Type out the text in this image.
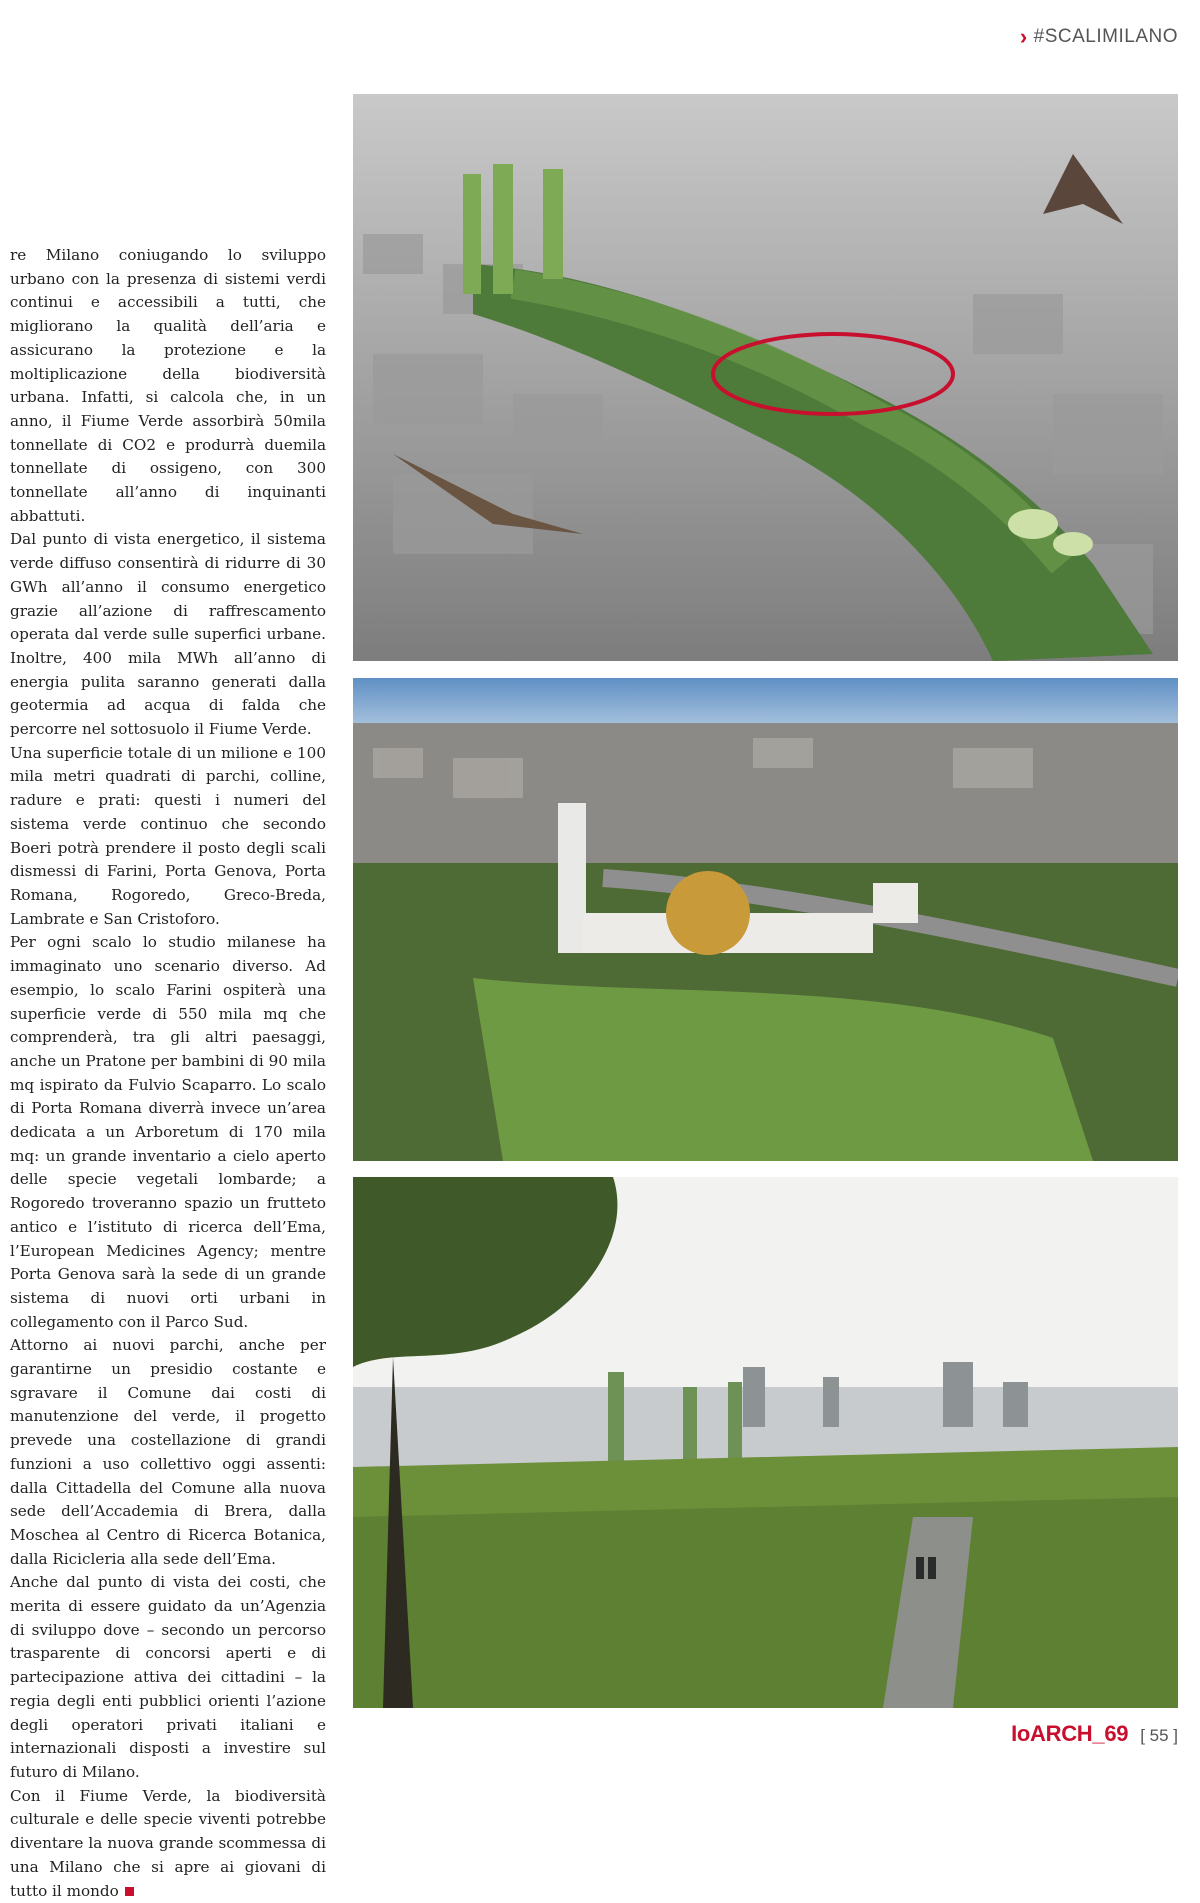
› #SCALIMILANO

re Milano coniugando lo sviluppo urbano con la presenza di sistemi verdi continui e accessibili a tutti, che migliorano la qualità dell’aria e assicurano la protezione e la moltiplicazione della biodiversità urbana. Infatti, si calcola che, in un anno, il Fiume Verde assorbirà 50mila tonnellate di CO2 e produrrà duemila tonnellate di ossigeno, con 300 tonnellate all’anno di inquinanti abbattuti.

Dal punto di vista energetico, il sistema verde diffuso consentirà di ridurre di 30 GWh all’anno il consumo energetico grazie all’azione di raffrescamento operata dal verde sulle superfici urbane. Inoltre, 400 mila MWh all’anno di energia pulita saranno generati dalla geotermia ad acqua di falda che percorre nel sottosuolo il Fiume Verde.

Una superficie totale di un milione e 100 mila metri quadrati di parchi, colline, radure e prati: questi i numeri del sistema verde continuo che secondo Boeri potrà prendere il posto degli scali dismessi di Farini, Porta Genova, Porta Romana, Rogoredo, Greco-Breda, Lambrate e San Cristoforo.

Per ogni scalo lo studio milanese ha immaginato uno scenario diverso. Ad esempio, lo scalo Farini ospiterà una superficie verde di 550 mila mq che comprenderà, tra gli altri paesaggi, anche un Pratone per bambini di 90 mila mq ispirato da Fulvio Scaparro. Lo scalo di Porta Romana diverrà invece un’area dedicata a un Arboretum di 170 mila mq: un grande inventario a cielo aperto delle specie vegetali lombarde; a Rogoredo troveranno spazio un frutteto antico e l’istituto di ricerca dell’Ema, l’European Medicines Agency; mentre Porta Genova sarà la sede di un grande sistema di nuovi orti urbani in collegamento con il Parco Sud.

Attorno ai nuovi parchi, anche per garantirne un presidio costante e sgravare il Comune dai costi di manutenzione del verde, il progetto prevede una costellazione di grandi funzioni a uso collettivo oggi assenti: dalla Cittadella del Comune alla nuova sede dell’Accademia di Brera, dalla Moschea al Centro di Ricerca Botanica, dalla Ricicleria alla sede dell’Ema.

Anche dal punto di vista dei costi, che merita di essere guidato da un’Agenzia di sviluppo dove – secondo un percorso trasparente di concorsi aperti e di partecipazione attiva dei cittadini – la regia degli enti pubblici orienti l’azione degli operatori privati italiani e internazionali disposti a investire sul futuro di Milano.

Con il Fiume Verde, la biodiversità culturale e delle specie viventi potrebbe diventare la nuova grande scommessa di una Milano che si apre ai giovani di tutto il mondo

IoARCH_69 [ 55 ]
